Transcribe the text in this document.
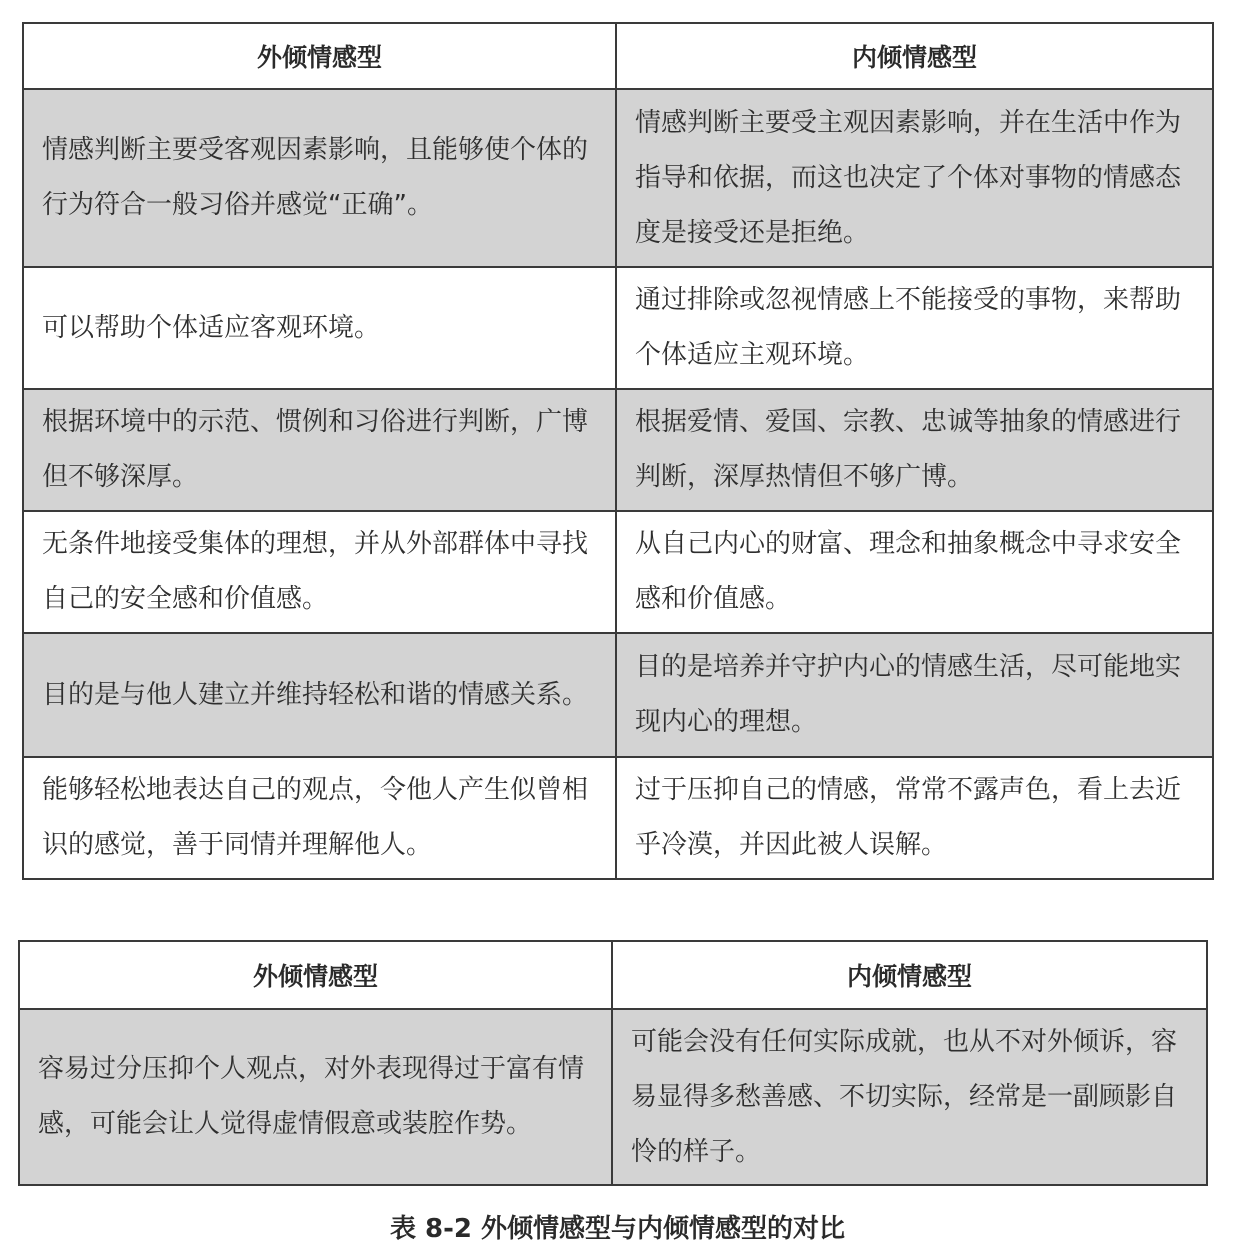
外倾情感型	内倾情感型
情感判断主要受客观因素影响，且能够使个体的行为符合一般习俗并感觉“正确”。	情感判断主要受主观因素影响，并在生活中作为指导和依据，而这也决定了个体对事物的情感态度是接受还是拒绝。
可以帮助个体适应客观环境。	通过排除或忽视情感上不能接受的事物，来帮助个体适应主观环境。
根据环境中的示范、惯例和习俗进行判断，广博但不够深厚。	根据爱情、爱国、宗教、忠诚等抽象的情感进行判断，深厚热情但不够广博。
无条件地接受集体的理想，并从外部群体中寻找自己的安全感和价值感。	从自己内心的财富、理念和抽象概念中寻求安全感和价值感。
目的是与他人建立并维持轻松和谐的情感关系。	目的是培养并守护内心的情感生活，尽可能地实现内心的理想。
能够轻松地表达自己的观点，令他人产生似曾相识的感觉，善于同情并理解他人。	过于压抑自己的情感，常常不露声色，看上去近乎冷漠，并因此被人误解。
外倾情感型	内倾情感型
容易过分压抑个人观点，对外表现得过于富有情感，可能会让人觉得虚情假意或装腔作势。	可能会没有任何实际成就，也从不对外倾诉，容易显得多愁善感、不切实际，经常是一副顾影自怜的样子。
表 8-2 外倾情感型与内倾情感型的对比
